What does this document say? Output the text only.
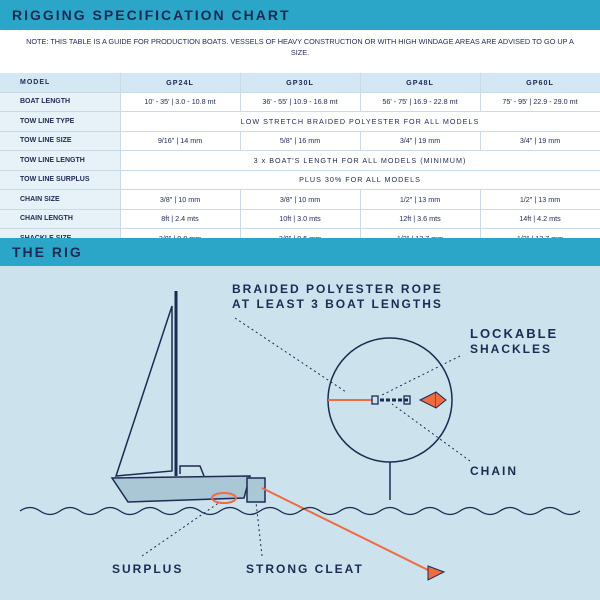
RIGGING SPECIFICATION CHART
NOTE: THIS TABLE IS A GUIDE FOR PRODUCTION BOATS. VESSELS OF HEAVY CONSTRUCTION OR WITH HIGH WINDAGE AREAS ARE ADVISED TO GO UP A SIZE.
MODEL	GP24L	GP30L	GP48L	GP60L
BOAT LENGTH	10' - 35' | 3.0 - 10.8 mt	36' - 55' | 10.9 - 16.8 mt	56' - 75' | 16.9 - 22.8 mt	75' - 95' | 22.9 - 29.0 mt
TOW LINE TYPE	LOW STRETCH BRAIDED POLYESTER FOR ALL MODELS			
TOW LINE SIZE	9/16" | 14 mm	5/8" | 16 mm	3/4" | 19 mm	3/4" | 19 mm
TOW LINE LENGTH	3 x BOAT'S LENGTH FOR ALL MODELS (MINIMUM)			
TOW LINE SURPLUS	PLUS 30% FOR ALL MODELS			
CHAIN SIZE	3/8" | 10 mm	3/8" | 10 mm	1/2" | 13 mm	1/2" | 13 mm
CHAIN LENGTH	8ft | 2.4 mts	10ft | 3.0 mts	12ft | 3.6 mts	14ft | 4.2 mts

THE RIG
BRAIDED POLYESTER ROPE
AT LEAST 3 BOAT LENGTHS
LOCKABLE
SHACKLES
CHAIN
SURPLUS	STRONG CLEAT
